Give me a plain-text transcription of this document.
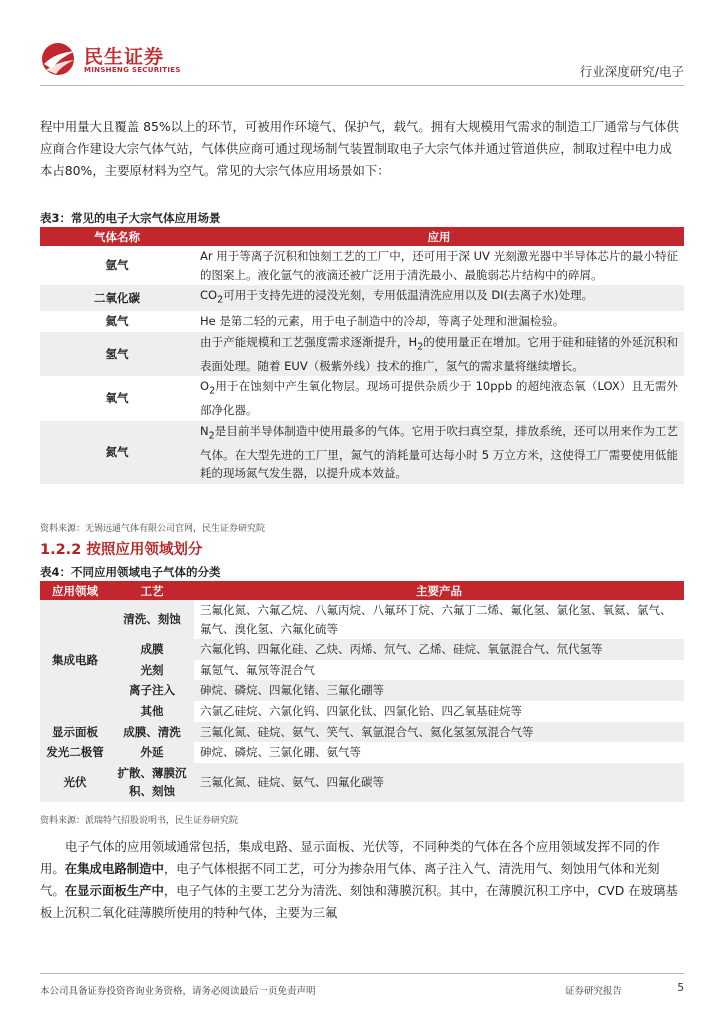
民生证券
MINSHENG SECURITIES	行业深度研究/电子

程中用量大且覆盖 85%以上的环节，可被用作环境气、保护气，载气。拥有大规模用气需求的制造工厂通常与气体供应商合作建设大宗气体气站，气体供应商可通过现场制气装置制取电子大宗气体并通过管道供应，制取过程中电力成本占80%，主要原材料为空气。常见的大宗气体应用场景如下：

表3：常见的电子大宗气体应用场景
气体名称	应用
氩气	Ar 用于等离子沉积和蚀刻工艺的工厂中，还可用于深 UV 光刻激光器中半导体芯片的最小特征的图案上。液化氩气的液滴还被广泛用于清洗最小、最脆弱芯片结构中的碎屑。
二氧化碳	$CO_2$可用于支持先进的浸没光刻，专用低温清洗应用以及 DI(去离子水)处理。
氦气	He 是第二轻的元素，用于电子制造中的冷却，等离子处理和泄漏检验。
氢气	由于产能规模和工艺强度需求逐渐提升，$H_2$的使用量正在增加。它用于硅和硅锗的外延沉积和表面处理。随着 EUV（极紫外线）技术的推广，氢气的需求量将继续增长。
氧气	$O_2$用于在蚀刻中产生氧化物层。现场可提供杂质少于 10ppb 的超纯液态氧（LOX）且无需外部净化器。
氮气	$N_2$是目前半导体制造中使用最多的气体。它用于吹扫真空泵，排放系统，还可以用来作为工艺气体。在大型先进的工厂里，氮气的消耗量可达每小时 5 万立方米，这使得工厂需要使用低能耗的现场氮气发生器，以提升成本效益。
资料来源：无锡远通气体有限公司官网，民生证券研究院
1.2.2 按照应用领域划分
表4：不同应用领域电子气体的分类
应用领域	工艺	主要产品
集成电路	清洗、刻蚀	三氟化氮、六氟乙烷、八氟丙烷、八氟环丁烷、六氟丁二烯、氟化氢、氯化氢、氧氦、氯气、氟气、溴化氢、六氟化硫等
	成膜	六氟化钨、四氟化硅、乙炔、丙烯、氘气、乙烯、硅烷、氧氩混合气、氘代氢等
	光刻	氟氪气、氟氖等混合气
	离子注入	砷烷、磷烷、四氟化锗、三氟化硼等
	其他	六氯乙硅烷、六氯化钨、四氯化钛、四氯化铪、四乙氧基硅烷等
显示面板	成膜、清洗	三氟化氮、硅烷、氨气、笑气、氧氩混合气、氦化氢氢氖混合气等
发光二极管	外延	砷烷、磷烷、三氯化硼、氨气等
光伏	扩散、薄膜沉积、刻蚀	三氟化氮、硅烷、氨气、四氟化碳等
资料来源：派瑞特气招股说明书，民生证券研究院

电子气体的应用领域通常包括，集成电路、显示面板、光伏等，不同种类的气体在各个应用领域发挥不同的作用。在集成电路制造中，电子气体根据不同工艺，可分为掺杂用气体、离子注入气、清洗用气、刻蚀用气体和光刻气。在显示面板生产中，电子气体的主要工艺分为清洗、刻蚀和薄膜沉积。其中，在薄膜沉积工序中，CVD 在玻璃基板上沉积二氧化硅薄膜所使用的特种气体，主要为三氟

本公司具备证券投资咨询业务资格，请务必阅读最后一页免责声明	证券研究报告	5
